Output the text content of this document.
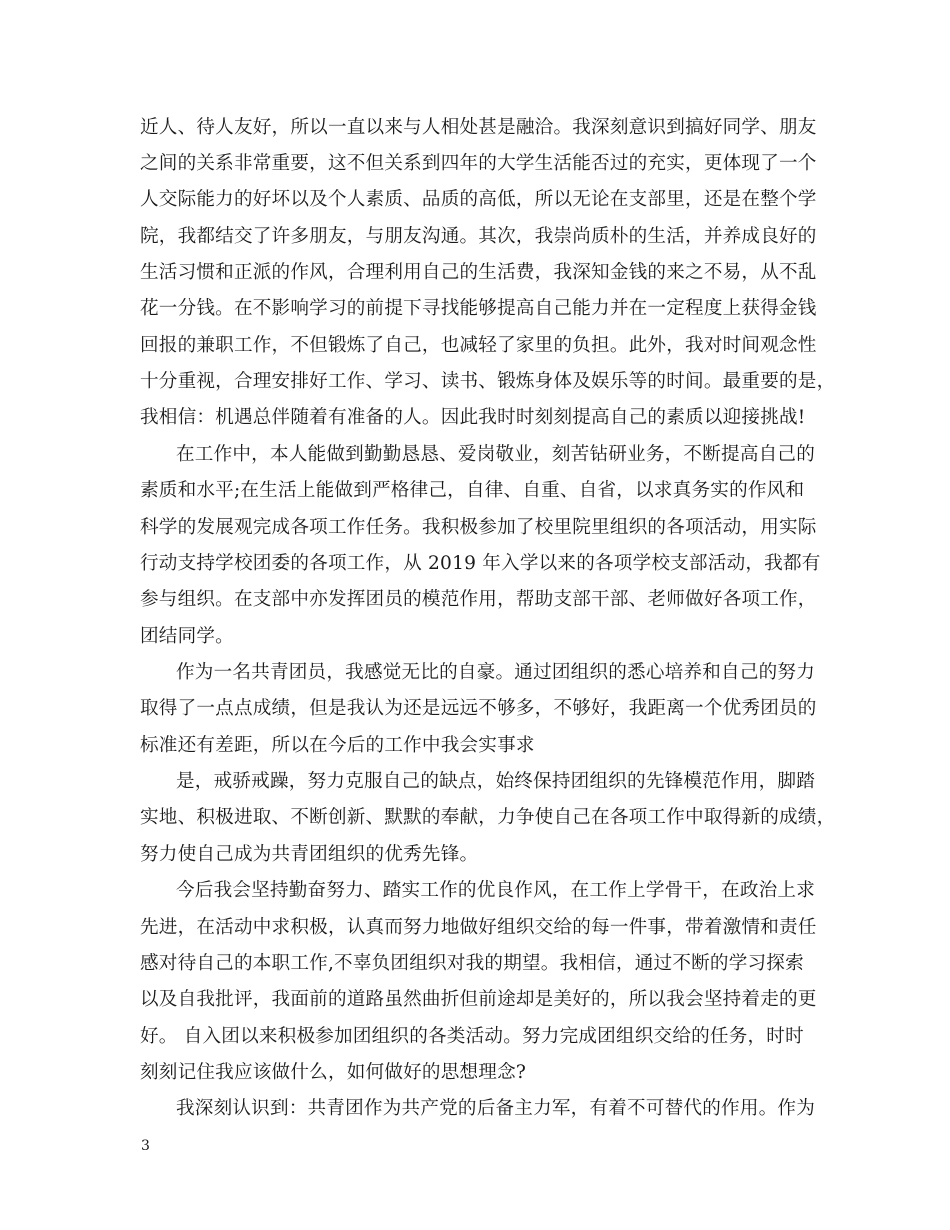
近人、待人友好，所以一直以来与人相处甚是融洽。我深刻意识到搞好同学、朋友
之间的关系非常重要，这不但关系到四年的大学生活能否过的充实，更体现了一个
人交际能力的好坏以及个人素质、品质的高低，所以无论在支部里，还是在整个学
院，我都结交了许多朋友，与朋友沟通。其次，我崇尚质朴的生活，并养成良好的
生活习惯和正派的作风，合理利用自己的生活费，我深知金钱的来之不易，从不乱
花一分钱。在不影响学习的前提下寻找能够提高自己能力并在一定程度上获得金钱
回报的兼职工作，不但锻炼了自己，也减轻了家里的负担。此外，我对时间观念性
十分重视，合理安排好工作、学习、读书、锻炼身体及娱乐等的时间。最重要的是，
我相信：机遇总伴随着有准备的人。因此我时时刻刻提高自己的素质以迎接挑战!
在工作中，本人能做到勤勤恳恳、爱岗敬业，刻苦钻研业务，不断提高自己的
素质和水平;在生活上能做到严格律己，自律、自重、自省，以求真务实的作风和
科学的发展观完成各项工作任务。我积极参加了校里院里组织的各项活动，用实际
行动支持学校团委的各项工作，从 2019 年入学以来的各项学校支部活动，我都有
参与组织。在支部中亦发挥团员的模范作用，帮助支部干部、老师做好各项工作，
团结同学。
作为一名共青团员，我感觉无比的自豪。通过团组织的悉心培养和自己的努力
取得了一点点成绩，但是我认为还是远远不够多，不够好，我距离一个优秀团员的
标准还有差距，所以在今后的工作中我会实事求
是，戒骄戒躁，努力克服自己的缺点，始终保持团组织的先锋模范作用，脚踏
实地、积极进取、不断创新、默默的奉献，力争使自己在各项工作中取得新的成绩，
努力使自己成为共青团组织的优秀先锋。
今后我会坚持勤奋努力、踏实工作的优良作风，在工作上学骨干，在政治上求
先进，在活动中求积极，认真而努力地做好组织交给的每一件事，带着激情和责任
感对待自己的本职工作,不辜负团组织对我的期望。我相信，通过不断的学习探索
以及自我批评，我面前的道路虽然曲折但前途却是美好的，所以我会坚持着走的更
好。 自入团以来积极参加团组织的各类活动。努力完成团组织交给的任务，时时
刻刻记住我应该做什么，如何做好的思想理念?
我深刻认识到：共青团作为共产党的后备主力军，有着不可替代的作用。作为
3
